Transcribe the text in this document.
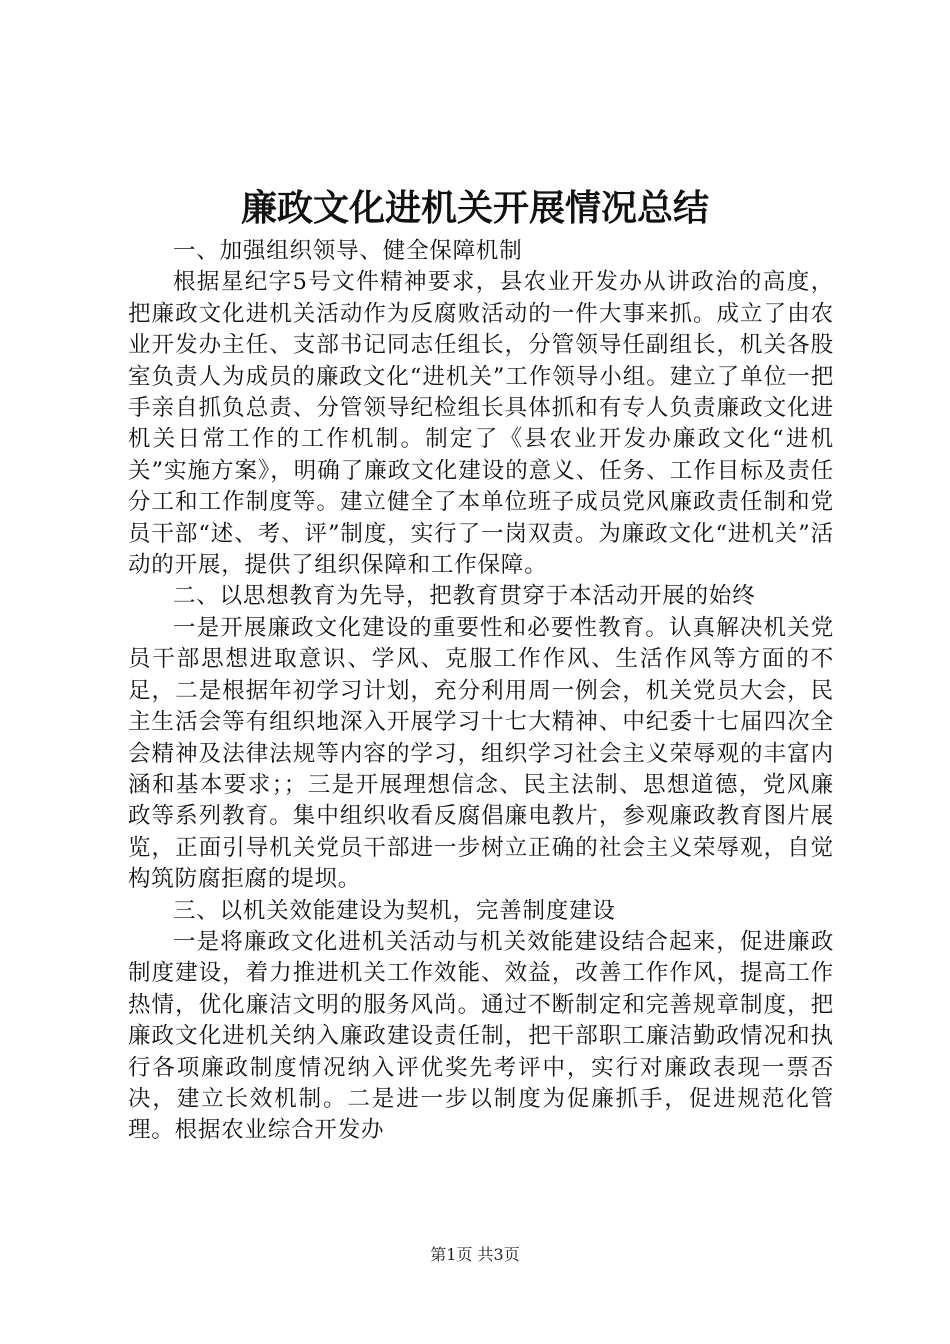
廉政文化进机关开展情况总结

一、加强组织领导、健全保障机制

根据星纪字5号文件精神要求，县农业开发办从讲政治的高度，把廉政文化进机关活动作为反腐败活动的一件大事来抓。成立了由农业开发办主任、支部书记同志任组长，分管领导任副组长，机关各股室负责人为成员的廉政文化“进机关”工作领导小组。建立了单位一把手亲自抓负总责、分管领导纪检组长具体抓和有专人负责廉政文化进机关日常工作的工作机制。制定了《县农业开发办廉政文化“进机关”实施方案》，明确了廉政文化建设的意义、任务、工作目标及责任分工和工作制度等。建立健全了本单位班子成员党风廉政责任制和党员干部“述、考、评”制度，实行了一岗双责。为廉政文化“进机关”活动的开展，提供了组织保障和工作保障。

二、以思想教育为先导，把教育贯穿于本活动开展的始终

一是开展廉政文化建设的重要性和必要性教育。认真解决机关党员干部思想进取意识、学风、克服工作作风、生活作风等方面的不足，二是根据年初学习计划，充分利用周一例会，机关党员大会，民主生活会等有组织地深入开展学习十七大精神、中纪委十七届四次全会精神及法律法规等内容的学习，组织学习社会主义荣辱观的丰富内涵和基本要求；；三是开展理想信念、民主法制、思想道德，党风廉政等系列教育。集中组织收看反腐倡廉电教片，参观廉政教育图片展览，正面引导机关党员干部进一步树立正确的社会主义荣辱观，自觉构筑防腐拒腐的堤坝。

三、以机关效能建设为契机，完善制度建设

一是将廉政文化进机关活动与机关效能建设结合起来，促进廉政制度建设，着力推进机关工作效能、效益，改善工作作风，提高工作热情，优化廉洁文明的服务风尚。通过不断制定和完善规章制度，把廉政文化进机关纳入廉政建设责任制，把干部职工廉洁勤政情况和执行各项廉政制度情况纳入评优奖先考评中，实行对廉政表现一票否决，建立长效机制。二是进一步以制度为促廉抓手，促进规范化管理。根据农业综合开发办

第1页 共3页
